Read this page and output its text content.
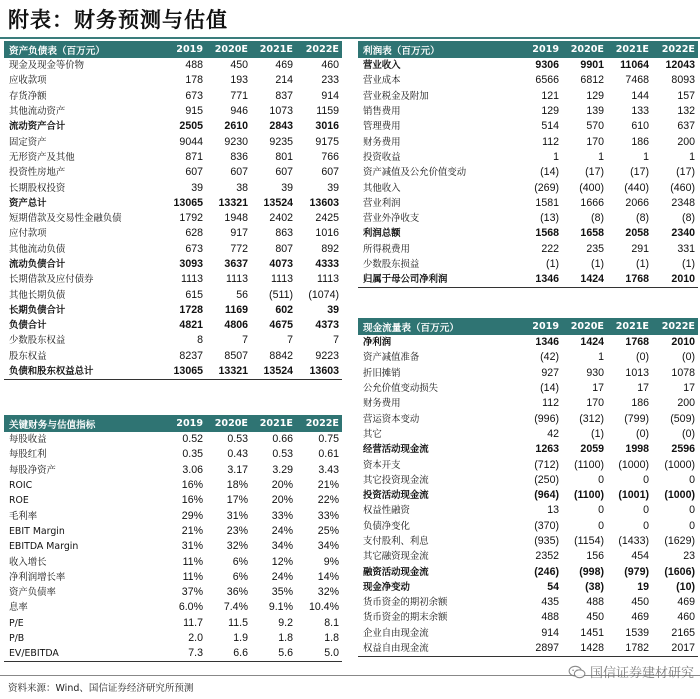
附表：财务预测与估值
资产负债表（百万元）	2019	2020E	2021E	2022E
现金及现金等价物	488	450	469	460
应收款项	178	193	214	233
存货净额	673	771	837	914
其他流动资产	915	946	1073	1159
流动资产合计	2505	2610	2843	3016
固定资产	9044	9230	9235	9175
无形资产及其他	871	836	801	766
投资性房地产	607	607	607	607
长期股权投资	39	38	39	39
资产总计	13065	13321	13524	13603
短期借款及交易性金融负债	1792	1948	2402	2425
应付款项	628	917	863	1016
其他流动负债	673	772	807	892
流动负债合计	3093	3637	4073	4333
长期借款及应付债券	1113	1113	1113	1113
其他长期负债	615	56	(511)	(1074)
长期负债合计	1728	1169	602	39
负债合计	4821	4806	4675	4373
少数股东权益	8	7	7	7
股东权益	8237	8507	8842	9223
负债和股东权益总计	13065	13321	13524	13603
利润表（百万元）	2019	2020E	2021E	2022E
营业收入	9306	9901	11064	12043
营业成本	6566	6812	7468	8093
营业税金及附加	121	129	144	157
销售费用	129	139	133	132
管理费用	514	570	610	637
财务费用	112	170	186	200
投资收益	1	1	1	1
资产减值及公允价值变动	(14)	(17)	(17)	(17)
其他收入	(269)	(400)	(440)	(460)
营业利润	1581	1666	2066	2348
营业外净收支	(13)	(8)	(8)	(8)
利润总额	1568	1658	2058	2340
所得税费用	222	235	291	331
少数股东损益	(1)	(1)	(1)	(1)
归属于母公司净利润	1346	1424	1768	2010
关键财务与估值指标	2019	2020E	2021E	2022E
每股收益	0.52	0.53	0.66	0.75
每股红利	0.35	0.43	0.53	0.61
每股净资产	3.06	3.17	3.29	3.43
ROIC	16%	18%	20%	21%
ROE	16%	17%	20%	22%
毛利率	29%	31%	33%	33%
EBIT Margin	21%	23%	24%	25%
EBITDA Margin	31%	32%	34%	34%
收入增长	11%	6%	12%	9%
净利润增长率	11%	6%	24%	14%
资产负债率	37%	36%	35%	32%
息率	6.0%	7.4%	9.1%	10.4%
P/E	11.7	11.5	9.2	8.1
P/B	2.0	1.9	1.8	1.8
EV/EBITDA	7.3	6.6	5.6	5.0
现金流量表（百万元）	2019	2020E	2021E	2022E
净利润	1346	1424	1768	2010
资产减值准备	(42)	1	(0)	(0)
折旧摊销	927	930	1013	1078
公允价值变动损失	(14)	17	17	17
财务费用	112	170	186	200
营运资本变动	(996)	(312)	(799)	(509)
其它	42	(1)	(0)	(0)
经营活动现金流	1263	2059	1998	2596
资本开支	(712)	(1100)	(1000)	(1000)
其它投资现金流	(250)	0	0	0
投资活动现金流	(964)	(1100)	(1001)	(1000)
权益性融资	13	0	0	0
负债净变化	(370)	0	0	0
支付股利、利息	(935)	(1154)	(1433)	(1629)
其它融资现金流	2352	156	454	23
融资活动现金流	(246)	(998)	(979)	(1606)
现金净变动	54	(38)	19	(10)
货币资金的期初余额	435	488	450	469
货币资金的期末余额	488	450	469	460
企业自由现金流	914	1451	1539	2165
权益自由现金流	2897	1428	1782	2017
资料来源：Wind、国信证券经济研究所预测
国信证券建材研究
